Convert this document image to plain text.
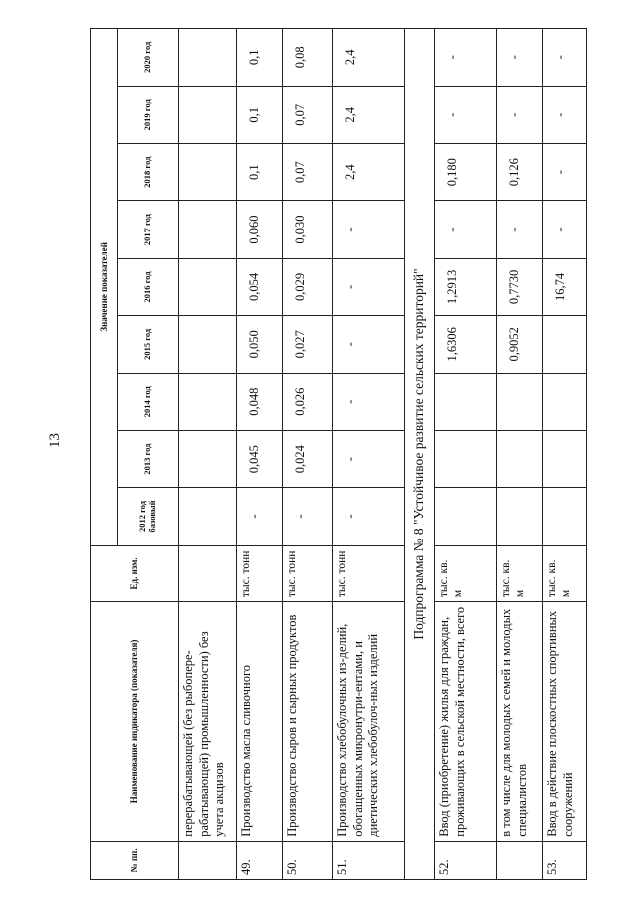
13
№ пп.	Наименование индикатора (показателя)	Ед. изм.	Значение показателей								
			2012 год базовый	2013 год	2014 год	2015 год	2016 год	2017 год	2018 год	2019 год	2020 год
	перерабатывающей (без рыбопере-рабатывающей) промышленности) без учета акцизов										
49.	Производство масла сливочного	тыс. тонн	-	0,045	0,048	0,050	0,054	0,060	0,1	0,1	0,1
50.	Производство сыров и сырных продуктов	тыс. тонн	-	0,024	0,026	0,027	0,029	0,030	0,07	0,07	0,08
51.	Производство хлебобулочных из-делий, обогащенных микронутри-ентами, и диетических хлебобулоч-ных изделий	тыс. тонн	-	-	-	-	-	-	2,4	2,4	2,4
Подпрограмма № 8 "Устойчивое развитие сельских территорий"											
52.	Ввод (приобретение) жилья для граждан, проживающих в сельской местности, всего	тыс. кв. м				1,6306	1,2913	-	0,180	-	-
	в том числе для молодых семей и молодых специалистов	тыс. кв. м				0,9052	0,7730	-	0,126	-	-
53.	Ввод в действие плоскостных спортивных сооружений	тыс. кв. м					16,74	-	-	-	-
